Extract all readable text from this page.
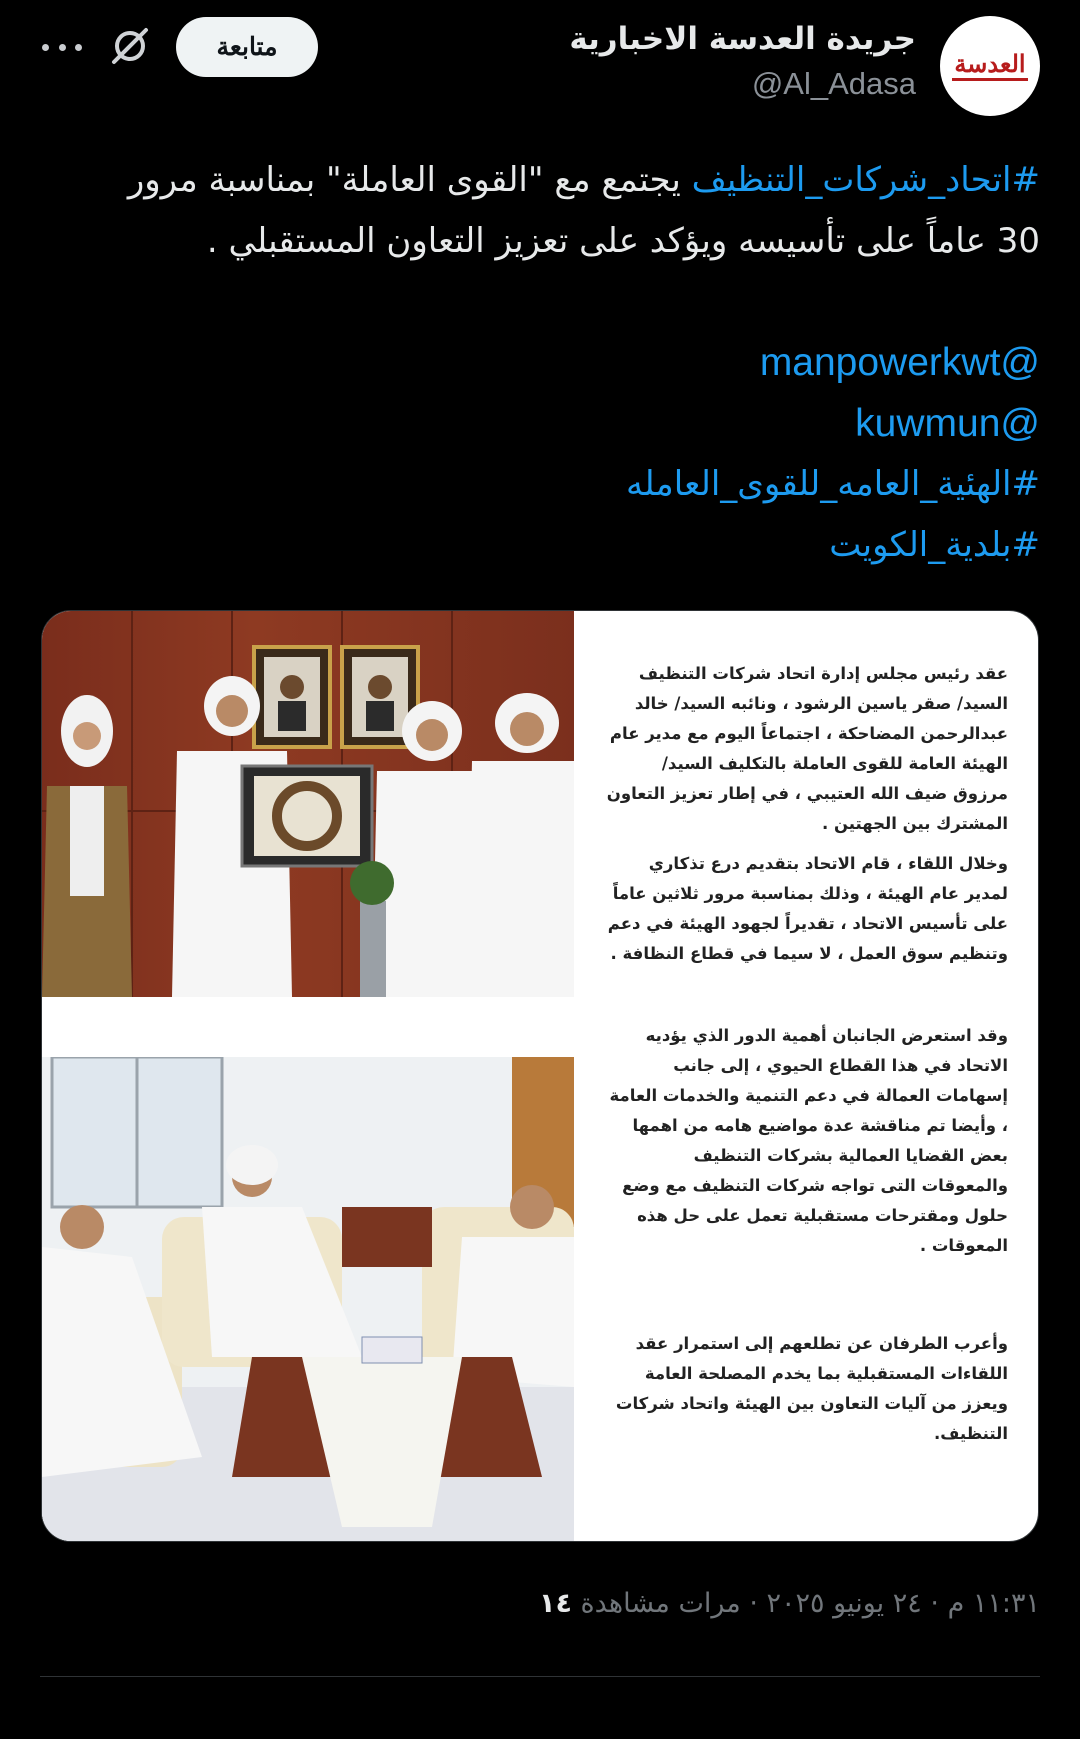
العدسة
جريدة العدسة الاخبارية
@Al_Adasa
متابعة
#اتحاد_شركات_التنظيف يجتمع مع "القوى العاملة" بمناسبة مرور 30 عاماً على تأسيسه ويؤكد على تعزيز التعاون المستقبلي .
@manpowerkwt
@kuwmun
#الهئية_العامه_للقوى_العامله
#بلدية_الكويت
عقد رئيس مجلس إدارة اتحاد شركات التنظيف السيد/ صقر ياسين الرشود ، ونائبه السيد/ خالد عبدالرحمن المضاحكة ، اجتماعاً اليوم مع مدير عام الهيئة العامة للقوى العاملة بالتكليف السيد/ مرزوق ضيف الله العتيبي ، في إطار تعزيز التعاون المشترك بين الجهتين .
وخلال اللقاء ، قام الاتحاد بتقديم درع تذكاري لمدير عام الهيئة ، وذلك بمناسبة مرور ثلاثين عاماً على تأسيس الاتحاد ، تقديراً لجهود الهيئة في دعم وتنظيم سوق العمل ، لا سيما في قطاع النظافة .
وقد استعرض الجانبان أهمية الدور الذي يؤديه الاتحاد في هذا القطاع الحيوي ، إلى جانب إسهامات العمالة في دعم التنمية والخدمات العامة ، وأيضا تم مناقشة عدة مواضيع هامه من اهمها بعض القضايا العمالية بشركات التنظيف والمعوقات التى تواجه شركات التنظيف مع وضع حلول ومقترحات مستقبلية تعمل على حل هذه المعوقات .
وأعرب الطرفان عن تطلعهم إلى استمرار عقد اللقاءات المستقبلية بما يخدم المصلحة العامة ويعزز من آليات التعاون بين الهيئة واتحاد شركات التنظيف.
١١:٣١ م · ٢٤ يونيو ٢٠٢٥ · مرات مشاهدة ١٤
